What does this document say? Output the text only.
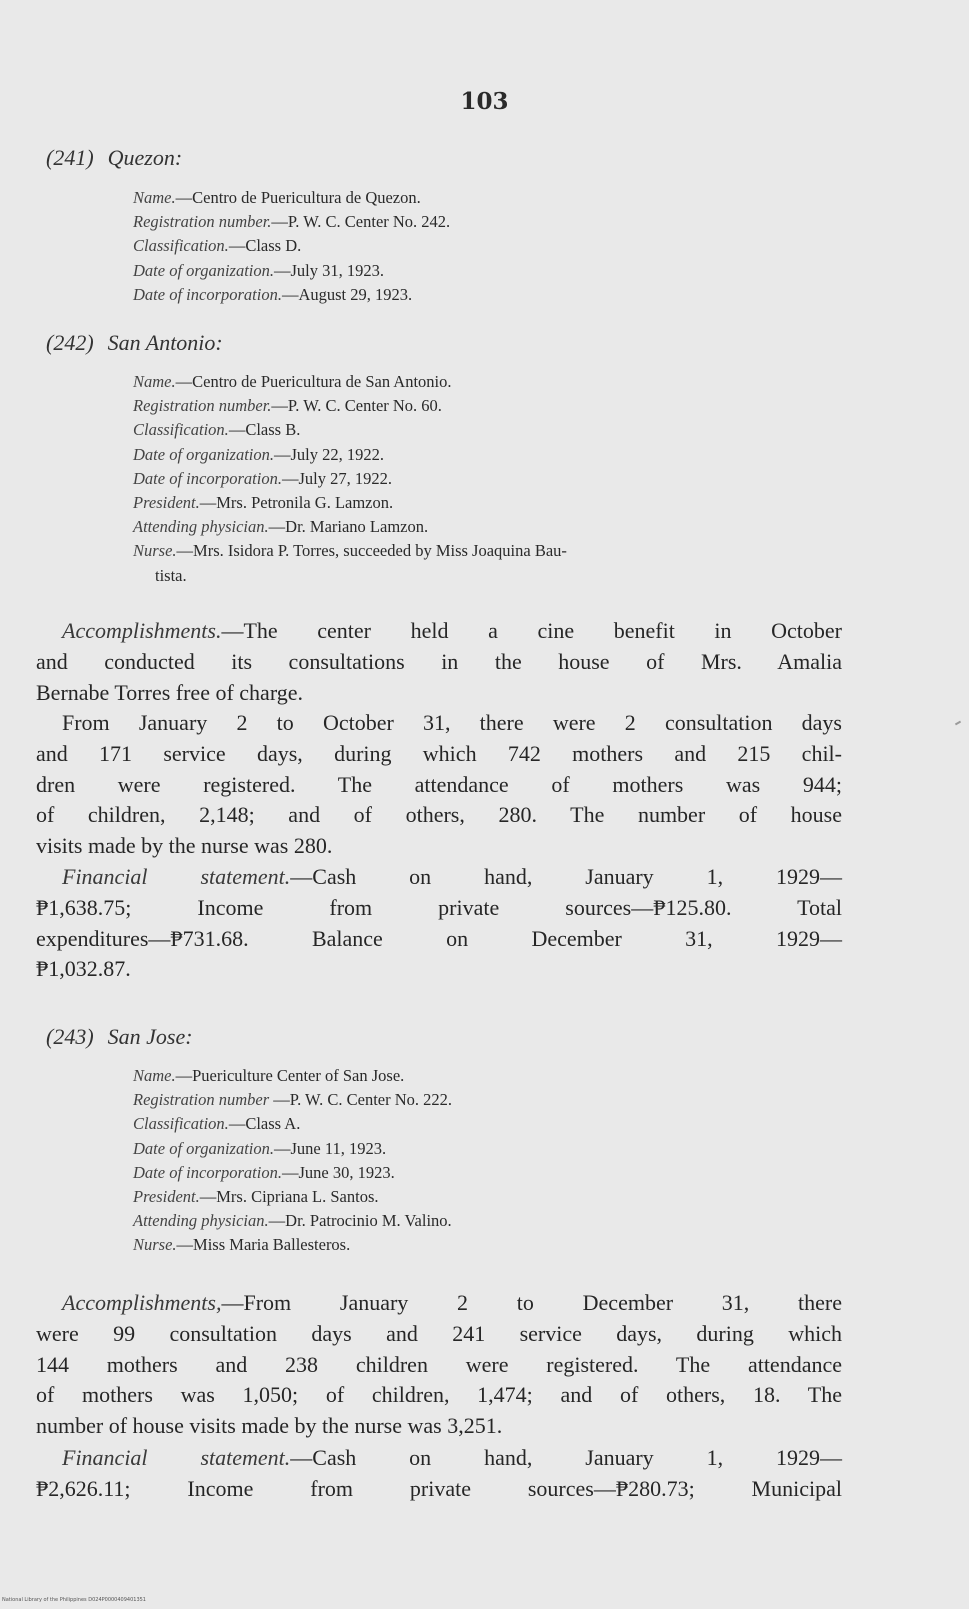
103
(241) Quezon:
Namе.—Centro de Puericultura de Quezon.
Registration number.—P. W. C. Center No. 242.
Classification.—Class D.
Date of organization.—July 31, 1923.
Date of incorporation.—August 29, 1923.
(242) San Antonio:
Name.—Centro de Puericultura de San Antonio.
Registration number.—P. W. C. Center No. 60.
Classification.—Class B.
Date of organization.—July 22, 1922.
Date of incorporation.—July 27, 1922.
President.—Mrs. Petronila G. Lamzon.
Attending physician.—Dr. Mariano Lamzon.
Nurse.—Mrs. Isidora P. Torres, succeeded by Miss Joaquina Bau-
tista.
Accomplishments.—The center held a cine benefit in October
and conducted its consultations in the house of Mrs. Amalia
Bernabe Torres free of charge.
From January 2 to October 31, there were 2 consultation days
and 171 service days, during which 742 mothers and 215 chil-
dren were registered. The attendance of mothers was 944;
of children, 2,148; and of others, 280. The number of house
visits made by the nurse was 280.
Financial statement.—Cash on hand, January 1, 1929—
₱1,638.75; Income from private sources—₱125.80. Total
expenditures—₱731.68. Balance on December 31, 1929—
₱1,032.87.
(243) San Jose:
Name.—Puericulture Center of San Jose.
Registration number —P. W. C. Center No. 222.
Classification.—Class A.
Date of organization.—June 11, 1923.
Date of incorporation.—June 30, 1923.
President.—Mrs. Cipriana L. Santos.
Attending physician.—Dr. Patrocinio M. Valino.
Nurse.—Miss Maria Ballesteros.
Accomplishments,—From January 2 to December 31, there
were 99 consultation days and 241 service days, during which
144 mothers and 238 children were registered. The attendance
of mothers was 1,050; of children, 1,474; and of others, 18. The
number of house visits made by the nurse was 3,251.
Financial statement.—Cash on hand, January 1, 1929—
₱2,626.11; Income from private sources—₱280.73; Municipal
National Library of the Philippines D024P0000409401351
